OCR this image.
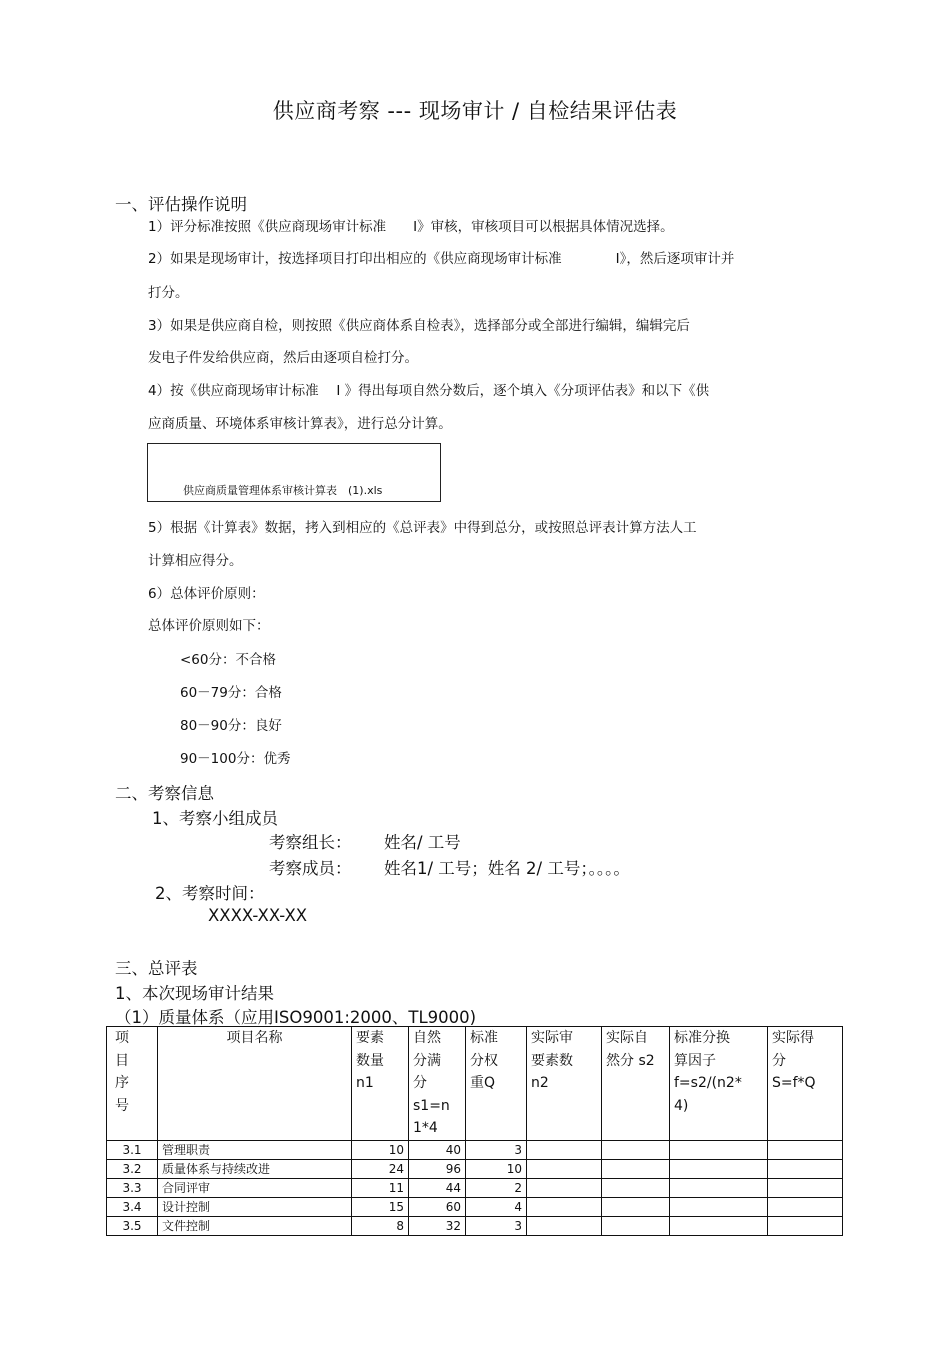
供应商考察 --- 现场审计 / 自检结果评估表
一、评估操作说明
1）评分标准按照《供应商现场审计标准　　I》审核，审核项目可以根据具体情况选择。
2）如果是现场审计，按选择项目打印出相应的《供应商现场审计标准　　　　I》，然后逐项审计并
打分。
3）如果是供应商自检，则按照《供应商体系自检表》，选择部分或全部进行编辑，编辑完后
发电子件发给供应商，然后由逐项自检打分。
4）按《供应商现场审计标准　 I 》得出每项自然分数后，逐个填入《分项评估表》和以下《供
应商质量、环境体系审核计算表》，进行总分计算。
供应商质量管理体系审核计算表　(1).xls
5）根据《计算表》数据，拷入到相应的《总评表》中得到总分，或按照总评表计算方法人工
计算相应得分。
6）总体评价原则：
总体评价原则如下：
<60分：不合格
60－79分：合格
80－90分：良好
90－100分：优秀
二、考察信息
1、考察小组成员
考察组长： 姓名/ 工号
考察成员： 姓名1/ 工号；姓名 2/ 工号；。。。。
2、考察时间：
XXXX-XX-XX
三、总评表
1、本次现场审计结果
（1）质量体系（应用ISO9001:2000、TL9000)
项
目
序
号	项目名称	要素
数量
n1	自然
分满
分
s1=n
1*4	标准
分权
重Q	实际审
要素数
n2	实际自
然分 s2	标准分换
算因子
f=s2/(n2*
4)	实际得
分
S=f*Q
3.1	管理职责	10	40	3				
3.2	质量体系与持续改进	24	96	10				
3.3	合同评审	11	44	2				
3.4	设计控制	15	60	4				
3.5	文件控制	8	32	3				
